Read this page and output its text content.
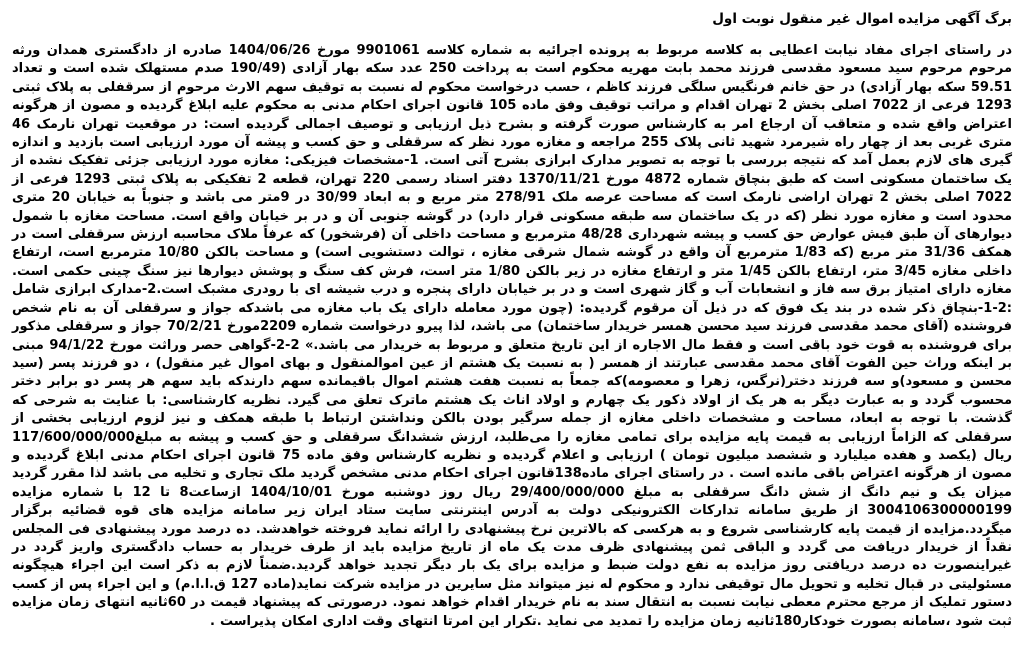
برگ آگهی مزایده اموال غیر منقول نوبت اول

در راستای اجرای مفاد نیابت اعطایی به کلاسه مربوط به پرونده اجرائیه به شماره کلاسه 9901061 مورخ 1404/06/26 صادره از دادگستری همدان ورثه مرحوم مرحوم سید مسعود مقدسی فرزند محمد بابت مهریه محکوم است به پرداخت 250 عدد سکه بهار آزادی (190/49 صدم مستهلک شده است و تعداد 59.51 سکه بهار آزادی) در حق خانم فرنگیس سلگی فرزند کاظم ، حسب درخواست محکوم له نسبت به توقیف سهم الارث مرحوم از سرقفلی به پلاک ثبتی 1293 فرعی از 7022 اصلی بخش 2 تهران اقدام و مراتب توقیف وفق ماده 105 قانون اجرای احکام مدنی به محکوم علیه ابلاغ گردیده و مصون از هرگونه اعتراض واقع شده و متعاقب آن ارجاع امر به کارشناس صورت گرفته و بشرح ذیل ارزیابی و توصیف اجمالی گردیده است: در موقعیت تهران نارمک 46 متری غربی بعد از چهار راه شیرمرد شهید ثانی پلاک 255 مراجعه و مغازه مورد نظر که سرقفلی و حق کسب و پیشه آن مورد ارزیابی است بازدید و اندازه گیری های لازم بعمل آمد که نتیجه بررسی با توجه به تصویر مدارک ابرازی بشرح آتی است. 1-مشخصات فیزیکی: مغازه مورد ارزیابی جزئی تفکیک نشده از یک ساختمان مسکونی است که طبق بنچاق شماره 4872 مورخ 1370/11/21 دفتر اسناد رسمی 220 تهران، قطعه 2 تفکیکی به پلاک ثبتی 1293 فرعی از 7022 اصلی بخش 2 تهران اراضی نارمک است که مساحت عرصه ملک 278/91 متر مربع و به ابعاد 30/99 در 9متر می باشد و جنوباً به خیابان 20 متری محدود است و مغازه مورد نظر (که در یک ساختمان سه طبقه مسکونی قرار دارد) در گوشه جنوبی آن و در بر خیابان واقع است. مساحت مغازه با شمول دیوارهای آن طبق فیش عوارض حق کسب و پیشه شهرداری 48/28 مترمربع و مساحت داخلی آن (فرشخور) که عرفاً ملاک محاسبه ارزش سرقفلی است در همکف 31/36 متر مربع (که 1/83 مترمربع آن واقع در گوشه شمال شرقی مغازه ، توالت دستشویی است) و مساحت بالکن 10/80 مترمربع است، ارتفاع داخلی مغازه 3/45 متر، ارتفاع بالکن 1/45 متر و ارتفاع مغازه در زیر بالکن 1/80 متر است، فرش کف سنگ و پوشش دیوارها نیز سنگ چینی حکمی است. مغازه دارای امتیاز برق سه فاز و انشعابات آب و گاز شهری است و در بر خیابان دارای پنجره و درب شیشه ای با رودری مشبک است.2-مدارک ابرازی شامل :2-1-بنچاق ذکر شده در بند یک فوق که در ذیل آن مرقوم گردیده: (چون مورد معامله دارای یک باب مغازه می باشدکه جواز و سرقفلی آن به نام شخص فروشنده (آقای محمد مقدسی فرزند سید محسن همسر خریدار ساختمان) می باشد، لذا پیرو درخواست شماره 2209مورخ 70/2/21 جواز و سرقفلی مذکور برای فروشنده به قوت خود باقی است و فقط مال الاجاره از این تاریخ متعلق و مربوط به خریدار می باشد.» 2-2-گواهی حصر وراثت مورخ 94/1/22 مبنی بر اینکه وراث حین الفوت آقای محمد مقدسی عبارتند از همسر ( به نسبت یک هشتم از عین اموالمنقول و بهای اموال غیر منقول) ، دو فرزند پسر (سید محسن و مسعود)و سه فرزند دختر(نرگس، زهرا و معصومه)که جمعاً به نسبت هفت هشتم اموال باقیمانده سهم دارندکه باید سهم هر پسر دو برابر دختر محسوب گردد و به عبارت دیگر به هر یک از اولاد ذکور یک چهارم و اولاد اناث یک هشتم ماترک تعلق می گیرد. نظریه کارشناسی: با عنایت به شرحی که گذشت. با توجه به ابعاد، مساحت و مشخصات داخلی مغازه از جمله سرگیر بودن بالکن ونداشتن ارتباط با طبقه همکف و نیز لزوم ارزیابی بخشی از سرقفلی که الزاماً ارزیابی به قیمت پایه مزایده برای تمامی مغازه را می‌طلبد، ارزش ششدانگ سرقفلی و حق کسب و پیشه به مبلغ117/600/000/000 ریال (یکصد و هفده میلیارد و ششصد میلیون تومان ) ارزیابی و اعلام گردیده و نظریه کارشناس وفق ماده 75 قانون اجرای احکام مدنی ابلاغ گردیده و مصون از هرگونه اعتراض باقی مانده است . در راستای اجرای ماده138قانون اجرای احکام مدنی مشخص گردید ملک تجاری و تخلیه می باشد لذا مقرر گردید میزان یک و نیم دانگ از شش دانگ سرقفلی به مبلغ 29/400/000/000 ریال روز دوشنبه مورخ 1404/10/01 ازساعت8 تا 12 با شماره مزایده 3004106300000199 از طریق سامانه تدارکات الکترونیکی دولت به آدرس اینترنتی سایت ستاد ایران زیر سامانه مزایده های قوه قضائیه برگزار میگردد.مزایده از قیمت پایه کارشناسی شروع و به هرکسی که بالاترین نرخ پیشنهادی را ارائه نماید فروخته خواهدشد. ده درصد مورد پیشنهادی فی المجلس نقداً از خریدار دریافت می گردد و الباقی ثمن پیشنهادی ظرف مدت یک ماه از تاریخ مزایده باید از طرف خریدار به حساب دادگستری واریز گردد در غیراینصورت ده درصد دریافتی روز مزایده به نفع دولت ضبط و مزایده برای یک بار دیگر تجدید خواهد گردید.ضمناً لازم به ذکر است این اجراء هیچگونه مسئولیتی در قبال تخلیه و تحویل مال توقیفی ندارد و محکوم له نیز میتواند مثل سایرین در مزایده شرکت نماید(ماده 127 ق.ا.ا.م) و این اجراء پس از کسب دستور تملیک از مرجع محترم معطی نیابت نسبت به انتقال سند به نام خریدار اقدام خواهد نمود. درصورتی که پیشنهاد قیمت در 60ثانیه انتهای زمان مزایده ثبت شود ،سامانه بصورت خودکار180ثانیه زمان مزایده را تمدید می نماید .تکرار این امرتا انتهای وقت اداری امکان پذیراست .
